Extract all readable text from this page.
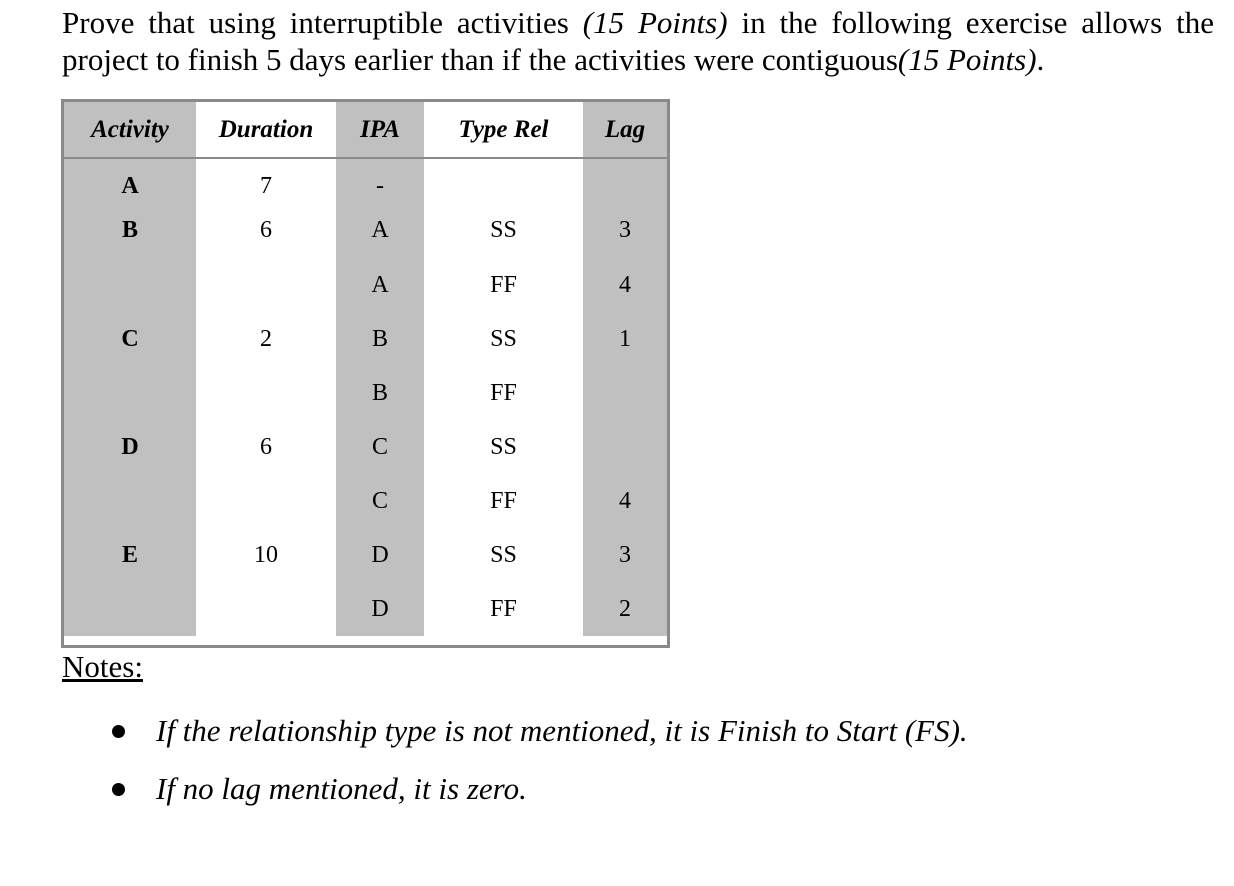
Prove that using interruptible activities (15 Points) in the following exercise allows the project to finish 5 days earlier than if the activities were contiguous(15 Points).

Activity	Duration	IPA	Type Rel	Lag
A	7	-		
B	6	A	SS	3
		A	FF	4
C	2	B	SS	1
		B	FF	
D	6	C	SS	
		C	FF	4
E	10	D	SS	3
		D	FF	2

Notes:

If the relationship type is not mentioned, it is Finish to Start (FS).
If no lag mentioned, it is zero.
